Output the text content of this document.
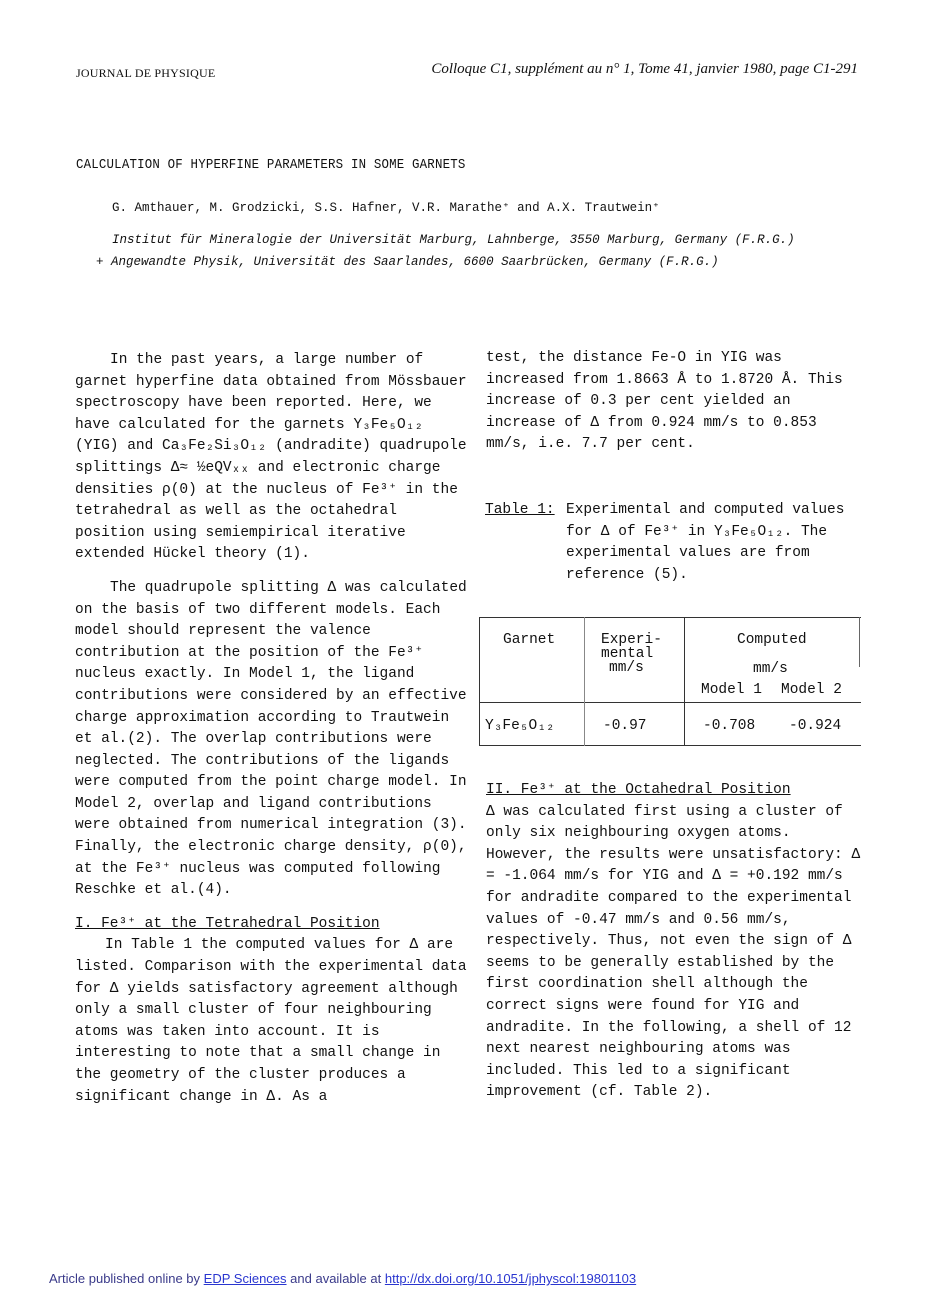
JOURNAL DE PHYSIQUE	Colloque C1, supplément au n° 1, Tome 41, janvier 1980, page C1-291
CALCULATION OF HYPERFINE PARAMETERS IN SOME GARNETS
G. Amthauer, M. Grodzicki, S.S. Hafner, V.R. Marathe⁺ and A.X. Trautwein⁺
Institut für Mineralogie der Universität Marburg, Lahnberge, 3550 Marburg, Germany (F.R.G.)
+ Angewandte Physik, Universität des Saarlandes, 6600 Saarbrücken, Germany (F.R.G.)

In the past years, a large number of garnet hyperfine data obtained from Mössbauer spectroscopy have been reported. Here, we have calculated for the garnets Y₃Fe₅O₁₂ (YIG) and Ca₃Fe₂Si₃O₁₂ (andradite) quadrupole splittings Δ≈ ½eQVₓₓ and electronic charge densities ρ(0) at the nucleus of Fe³⁺ in the tetrahedral as well as the octahedral position using semiempirical iterative extended Hückel theory (1).

The quadrupole splitting Δ was calculated on the basis of two different models. Each model should represent the valence contribution at the position of the Fe³⁺ nucleus exactly. In Model 1, the ligand contributions were considered by an effective charge approximation according to Trautwein et al.(2). The overlap contributions were neglected. The contributions of the ligands were computed from the point charge model. In Model 2, overlap and ligand contributions were obtained from numerical integration (3). Finally, the electronic charge density, ρ(0), at the Fe³⁺ nucleus was computed following Reschke et al.(4).

I. Fe³⁺ at the Tetrahedral Position

In Table 1 the computed values for Δ are listed. Comparison with the experimental data for Δ yields satisfactory agreement although only a small cluster of four neighbouring atoms was taken into account. It is interesting to note that a small change in the geometry of the cluster produces a significant change in Δ. As a

test, the distance Fe-O in YIG was increased from 1.8663 Å to 1.8720 Å. This increase of 0.3 per cent yielded an increase of Δ from 0.924 mm/s to 0.853 mm/s, i.e. 7.7 per cent.

Table 1: Experimental and computed values for Δ of Fe³⁺ in Y₃Fe₅O₁₂. The experimental values are from reference (5).
Garnet	Experi-
mental
mm/s
Computed
mm/s
Model 1 Model 2
Y₃Fe₅O₁₂	-0.97	-0.708 -0.924

II. Fe³⁺ at the Octahedral Position

Δ was calculated first using a cluster of only six neighbouring oxygen atoms. However, the results were unsatisfactory: Δ = -1.064 mm/s for YIG and Δ = +0.192 mm/s for andradite compared to the experimental values of -0.47 mm/s and 0.56 mm/s, respectively. Thus, not even the sign of Δ seems to be generally established by the first coordination shell although the correct signs were found for YIG and andradite. In the following, a shell of 12 next nearest neighbouring atoms was included. This led to a significant improvement (cf. Table 2).

Article published online by EDP Sciences and available at http://dx.doi.org/10.1051/jphyscol:19801103
